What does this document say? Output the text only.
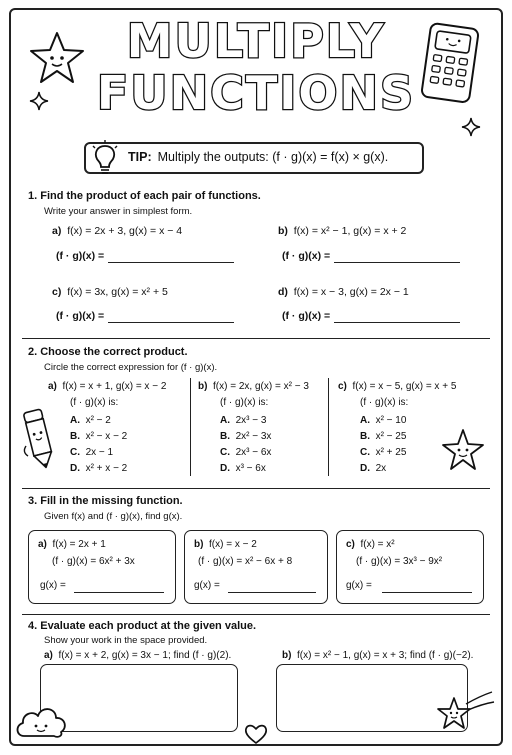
MULTIPLY
FUNCTIONS
TIP: Multiply the outputs: (f · g)(x) = f(x) × g(x).
1. Find the product of each pair of functions.
Write your answer in simplest form.
a) f(x) = 2x + 3, g(x) = x − 4
(f · g)(x) =
b) f(x) = x² − 1, g(x) = x + 2
(f · g)(x) =
c) f(x) = 3x, g(x) = x² + 5
(f · g)(x) =
d) f(x) = x − 3, g(x) = 2x − 1
(f · g)(x) =
2. Choose the correct product.
Circle the correct expression for (f · g)(x).
a) f(x) = x + 1, g(x) = x − 2
(f · g)(x) is:
A. x² − 2
B. x² − x − 2
C. 2x − 1
D. x² + x − 2
b) f(x) = 2x, g(x) = x² − 3
(f · g)(x) is:
A. 2x³ − 3
B. 2x² − 3x
C. 2x³ − 6x
D. x³ − 6x
c) f(x) = x − 5, g(x) = x + 5
(f · g)(x) is:
A. x² − 10
B. x² − 25
C. x² + 25
D. 2x
3. Fill in the missing function.
Given f(x) and (f · g)(x), find g(x).
a) f(x) = 2x + 1
(f · g)(x) = 6x² + 3x
g(x) =
b) f(x) = x − 2
(f · g)(x) = x² − 6x + 8
g(x) =
c) f(x) = x²
(f · g)(x) = 3x³ − 9x²
g(x) =
4. Evaluate each product at the given value.
Show your work in the space provided.
a) f(x) = x + 2, g(x) = 3x − 1; find (f · g)(2).	b) f(x) = x² − 1, g(x) = x + 3; find (f · g)(−2).
